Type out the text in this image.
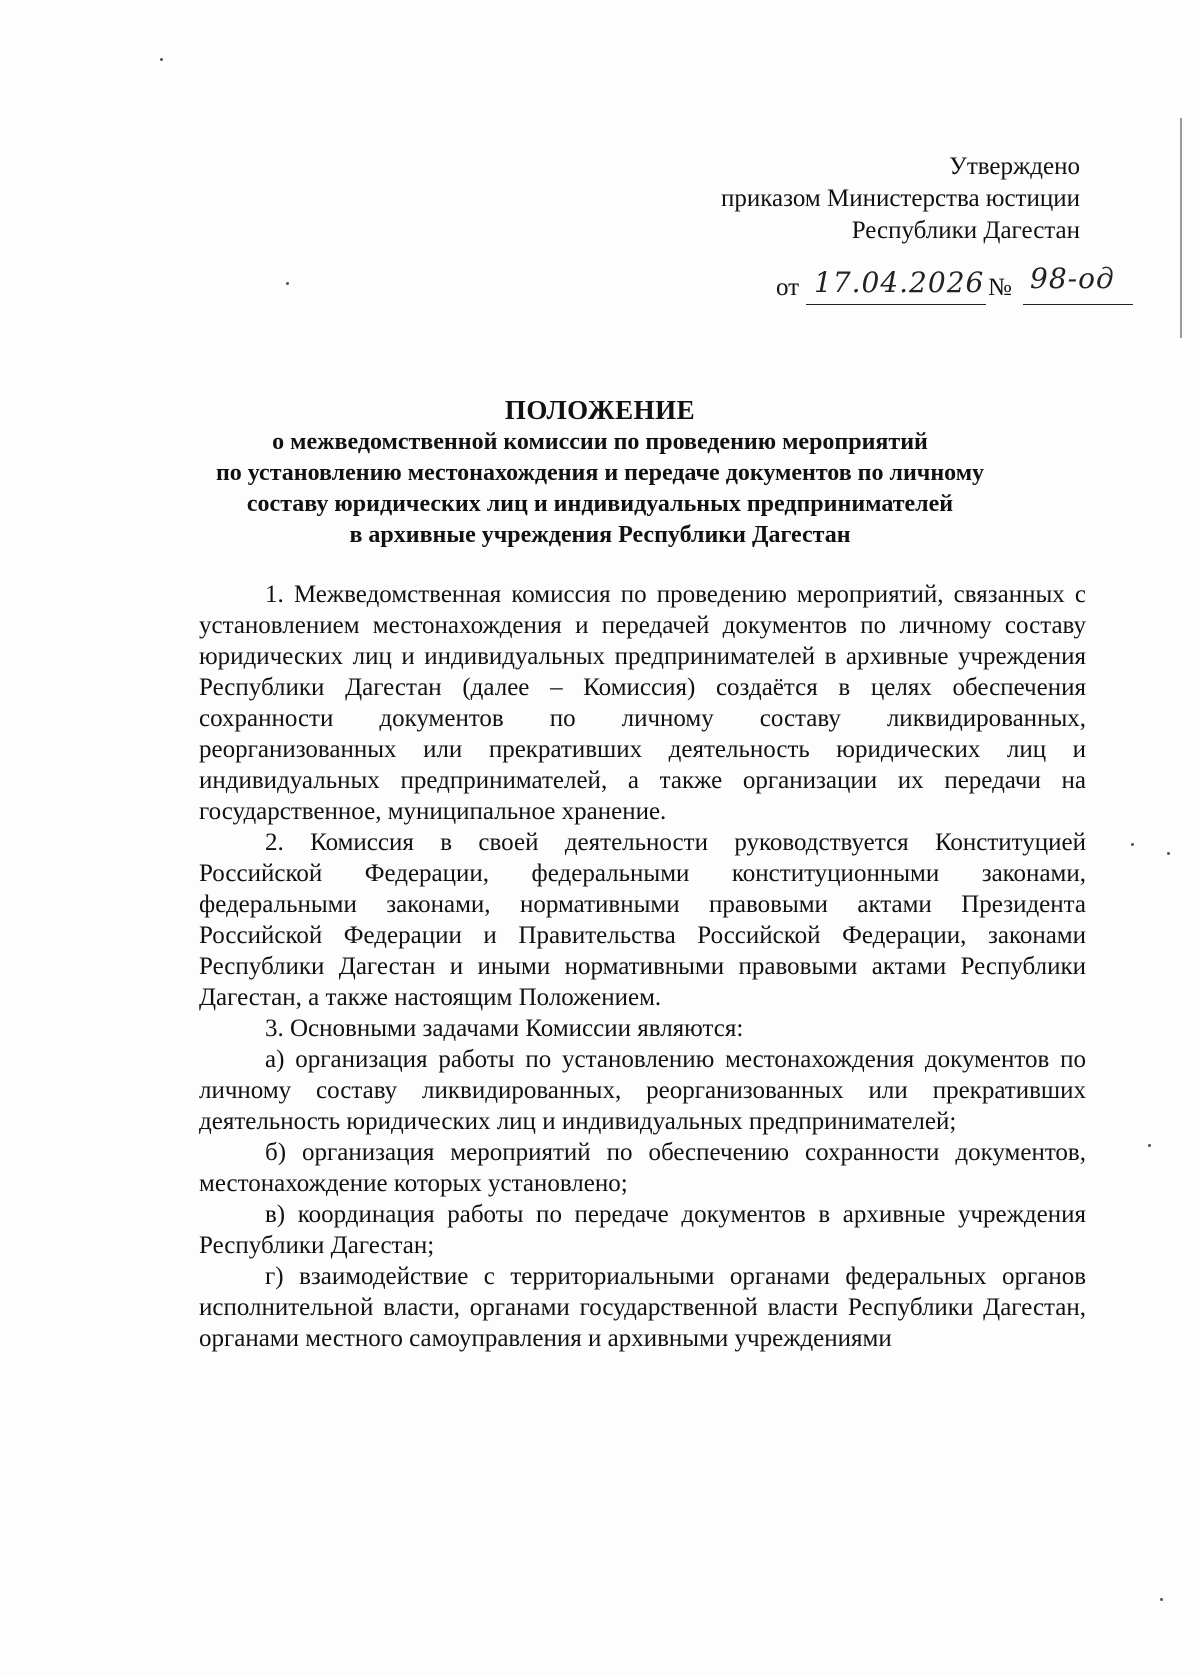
Утверждено
приказом Министерства юстиции
Республики Дагестан
от 17.04.2026 № 98-од
ПОЛОЖЕНИЕ
о межведомственной комиссии по проведению мероприятий
по установлению местонахождения и передаче документов по личному
составу юридических лиц и индивидуальных предпринимателей
в архивные учреждения Республики Дагестан

1. Межведомственная комиссия по проведению мероприятий, связанных с установлением местонахождения и передачей документов по личному составу юридических лиц и индивидуальных предпринимателей в архивные учреждения Республики Дагестан (далее – Комиссия) создаётся в целях обеспечения сохранности документов по личному составу ликвидированных, реорганизованных или прекративших деятельность юридических лиц и индивидуальных предпринимателей, а также организации их передачи на государственное, муниципальное хранение.

2. Комиссия в своей деятельности руководствуется Конституцией Российской Федерации, федеральными конституционными законами, федеральными законами, нормативными правовыми актами Президента Российской Федерации и Правительства Российской Федерации, законами Республики Дагестан и иными нормативными правовыми актами Республики Дагестан, а также настоящим Положением.

3. Основными задачами Комиссии являются:

а) организация работы по установлению местонахождения документов по личному составу ликвидированных, реорганизованных или прекративших деятельность юридических лиц и индивидуальных предпринимателей;

б) организация мероприятий по обеспечению сохранности документов, местонахождение которых установлено;

в) координация работы по передаче документов в архивные учреждения Республики Дагестан;

г) взаимодействие с территориальными органами федеральных органов исполнительной власти, органами государственной власти Республики Дагестан, органами местного самоуправления и архивными учреждениями
